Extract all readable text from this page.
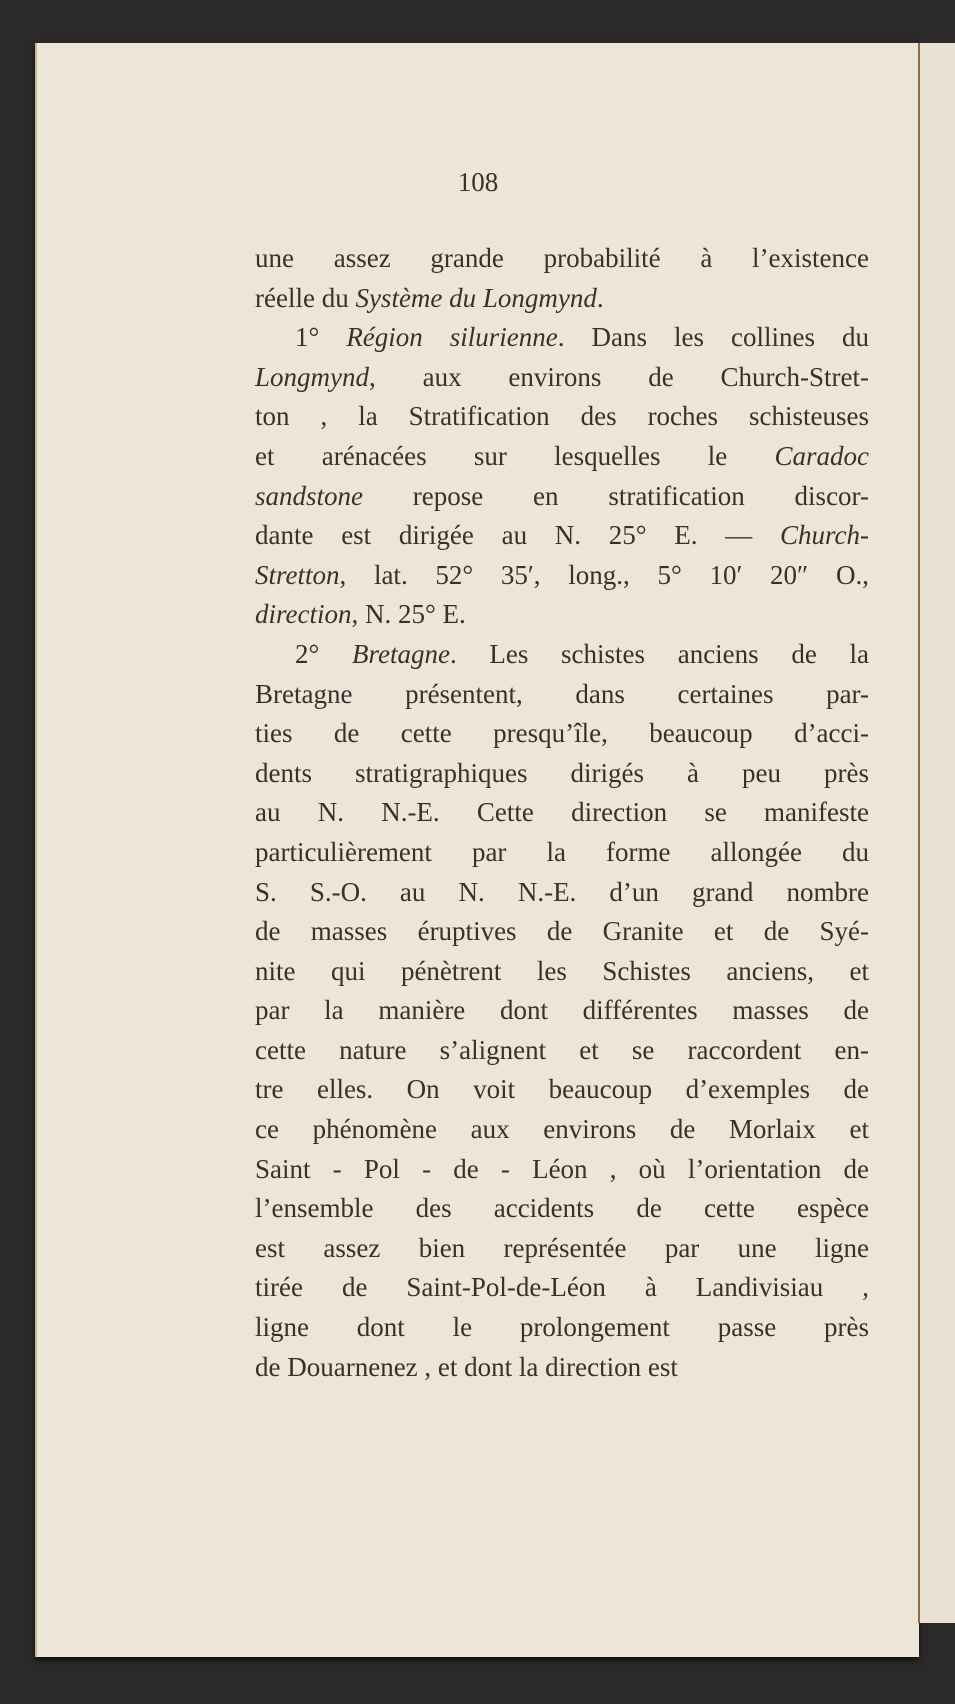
108
une assez grande probabilité à l’existence
réelle du Système du Longmynd.
1° Région silurienne. Dans les collines du
Longmynd, aux environs de Church-Stret-
ton , la Stratification des roches schisteuses
et arénacées sur lesquelles le Caradoc
sandstone repose en stratification discor-
dante est dirigée au N. 25° E. — Church-
Stretton, lat. 52° 35′, long., 5° 10′ 20″ O.,
direction, N. 25° E.
2° Bretagne. Les schistes anciens de la
Bretagne présentent, dans certaines par-
ties de cette presqu’île, beaucoup d’acci-
dents stratigraphiques dirigés à peu près
au N. N.-E. Cette direction se manifeste
particulièrement par la forme allongée du
S. S.-O. au N. N.-E. d’un grand nombre
de masses éruptives de Granite et de Syé-
nite qui pénètrent les Schistes anciens, et
par la manière dont différentes masses de
cette nature s’alignent et se raccordent en-
tre elles. On voit beaucoup d’exemples de
ce phénomène aux environs de Morlaix et
Saint - Pol - de - Léon , où l’orientation de
l’ensemble des accidents de cette espèce
est assez bien représentée par une ligne
tirée de Saint-Pol-de-Léon à Landivisiau ,
ligne dont le prolongement passe près
de Douarnenez , et dont la direction est
